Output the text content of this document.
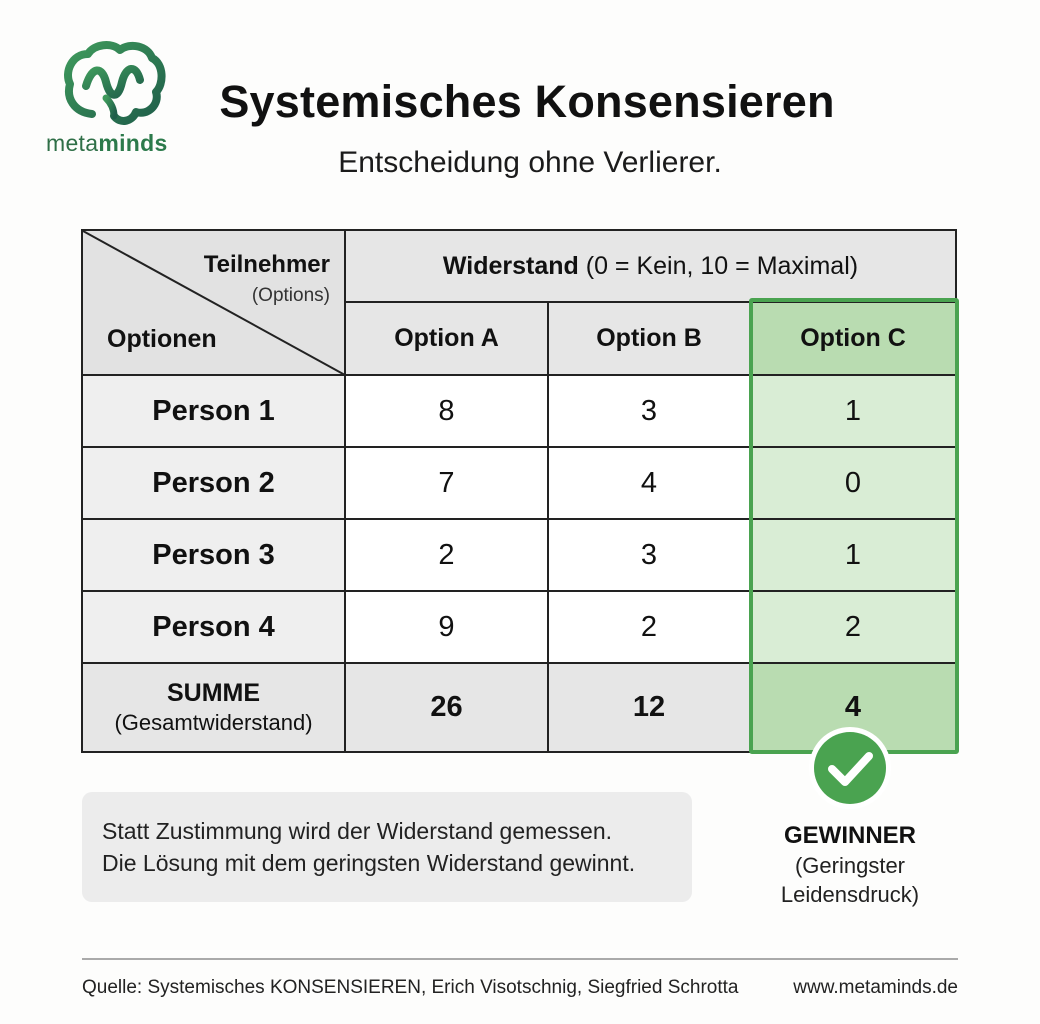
metaminds
Systemisches Konsensieren
Entscheidung ohne Verlierer.
Teilnehmer
(Options)
Optionen
Widerstand (0 = Kein, 10 = Maximal)
Option A	Option B	Option C
Person 1	8	3	1
Person 2	7	4	0
Person 3	2	3	1
Person 4	9	2	2
SUMME
(Gesamtwiderstand)	26	12	4
GEWINNER
(Geringster
Leidensdruck)
Statt Zustimmung wird der Widerstand gemessen.
Die Lösung mit dem geringsten Widerstand gewinnt.
Quelle: Systemisches KONSENSIEREN, Erich Visotschnig, Siegfried Schrotta	www.metaminds.de
